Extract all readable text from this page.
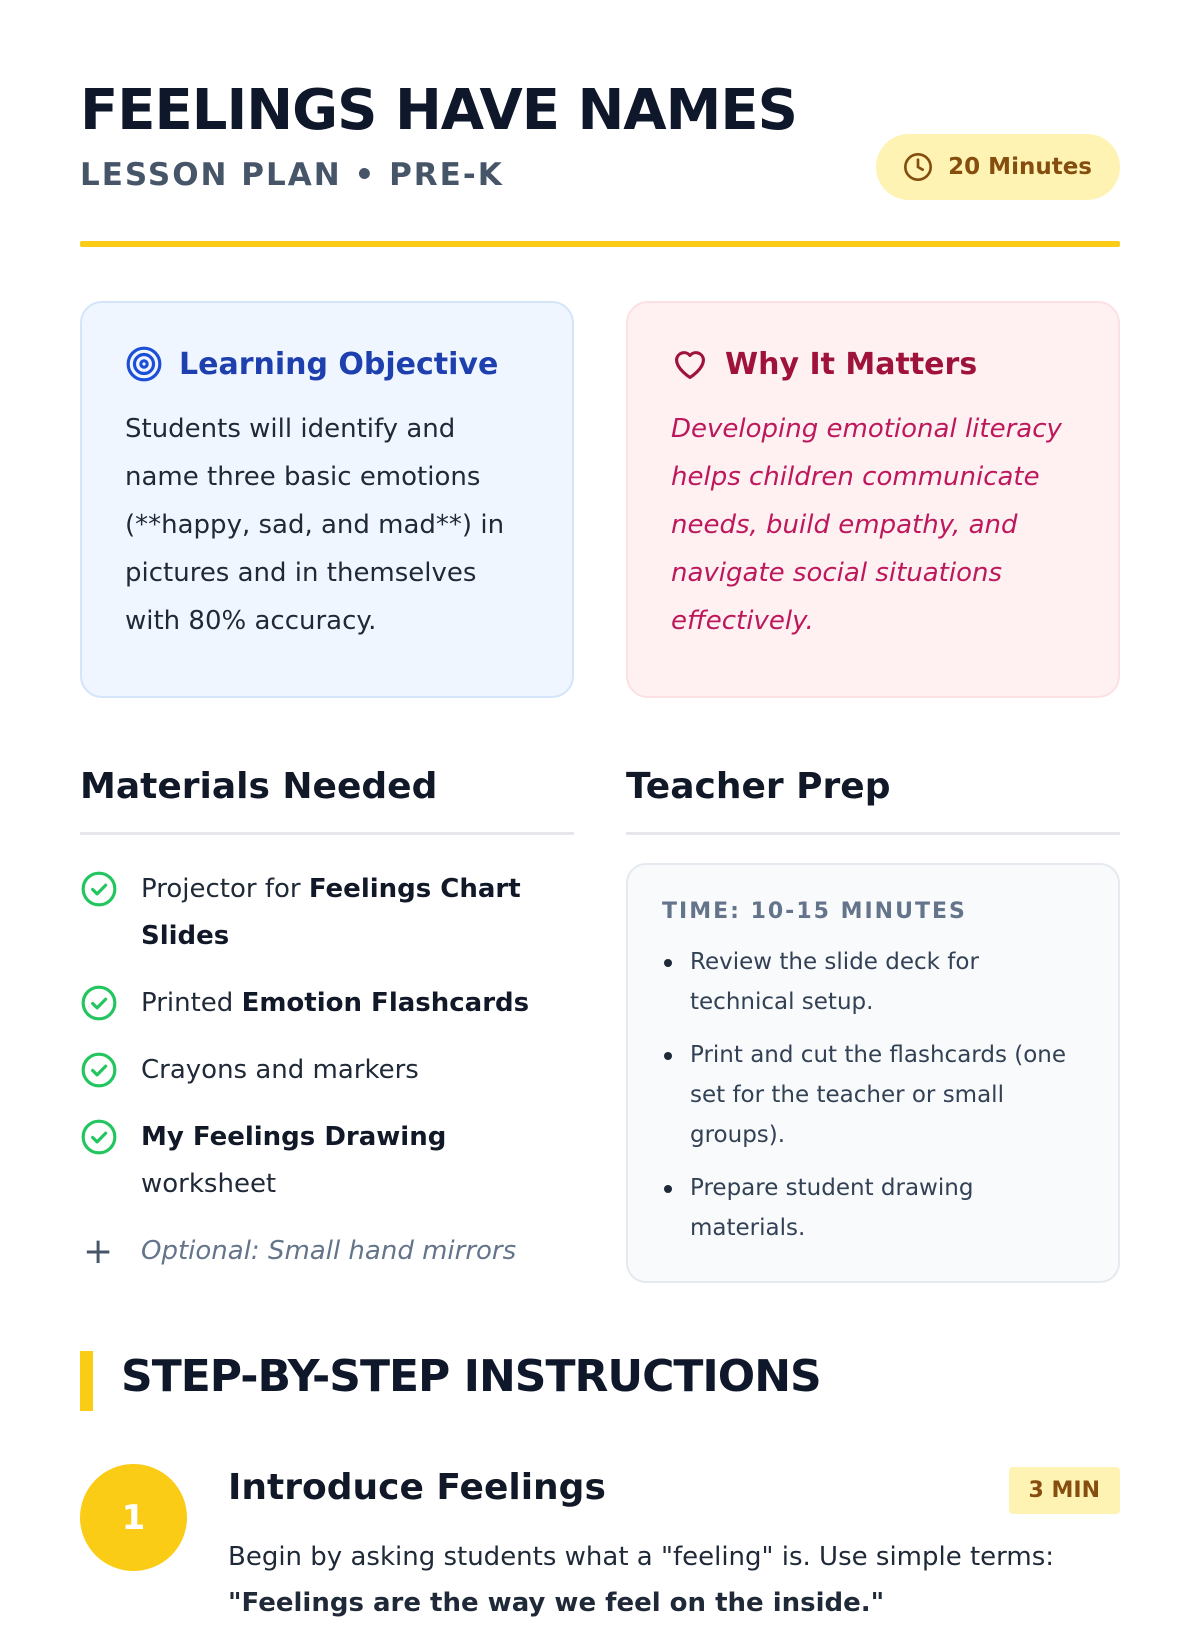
FEELINGS HAVE NAMES
LESSON PLAN • PRE-K	20 Minutes
Learning Objective

Students will identify and name three basic emotions (**happy, sad, and mad**) in pictures and in themselves with 80% accuracy.

Why It Matters

Developing emotional literacy helps children communicate needs, build empathy, and navigate social situations effectively.

Materials Needed
Projector for Feelings Chart Slides
Printed Emotion Flashcards
Crayons and markers
My Feelings Drawing
worksheet
+ Optional: Small hand mirrors
Teacher Prep
TIME: 10-15 MINUTES
Review the slide deck for technical setup.
Print and cut the flashcards (one set for the teacher or small groups).
Prepare student drawing materials.
STEP-BY-STEP INSTRUCTIONS
1
Introduce Feelings	3 MIN
Begin by asking students what a "feeling" is. Use simple terms:
"Feelings are the way we feel on the inside."
